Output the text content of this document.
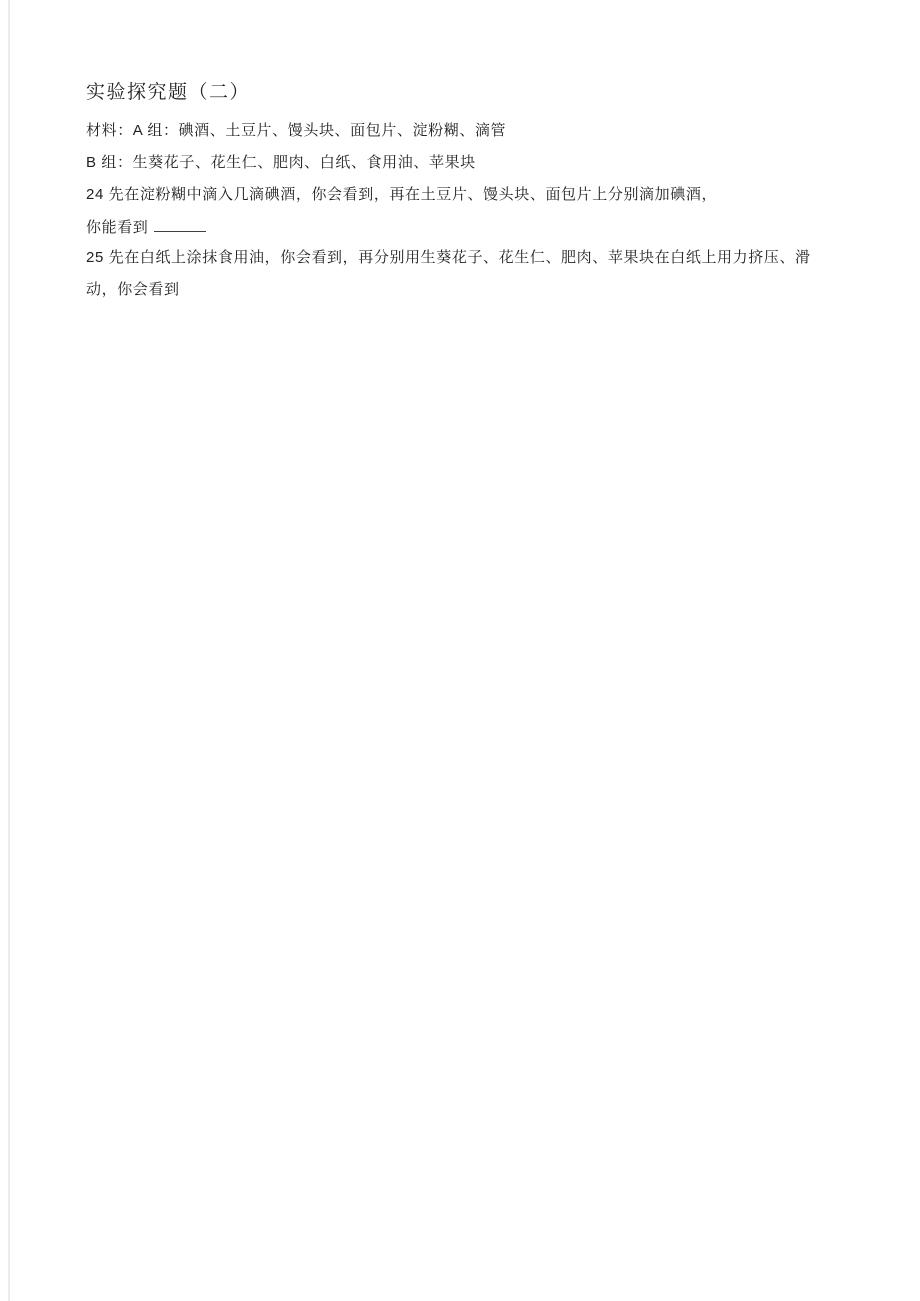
实验探究题（二）
材料：A 组：碘酒、土豆片、馒头块、面包片、淀粉糊、滴管
B 组：生葵花子、花生仁、肥肉、白纸、食用油、苹果块
24 先在淀粉糊中滴入几滴碘酒，你会看到，再在土豆片、馒头块、面包片上分别滴加碘酒，
你能看到
25 先在白纸上涂抹食用油，你会看到，再分别用生葵花子、花生仁、肥肉、苹果块在白纸上用力挤压、滑
动，你会看到
